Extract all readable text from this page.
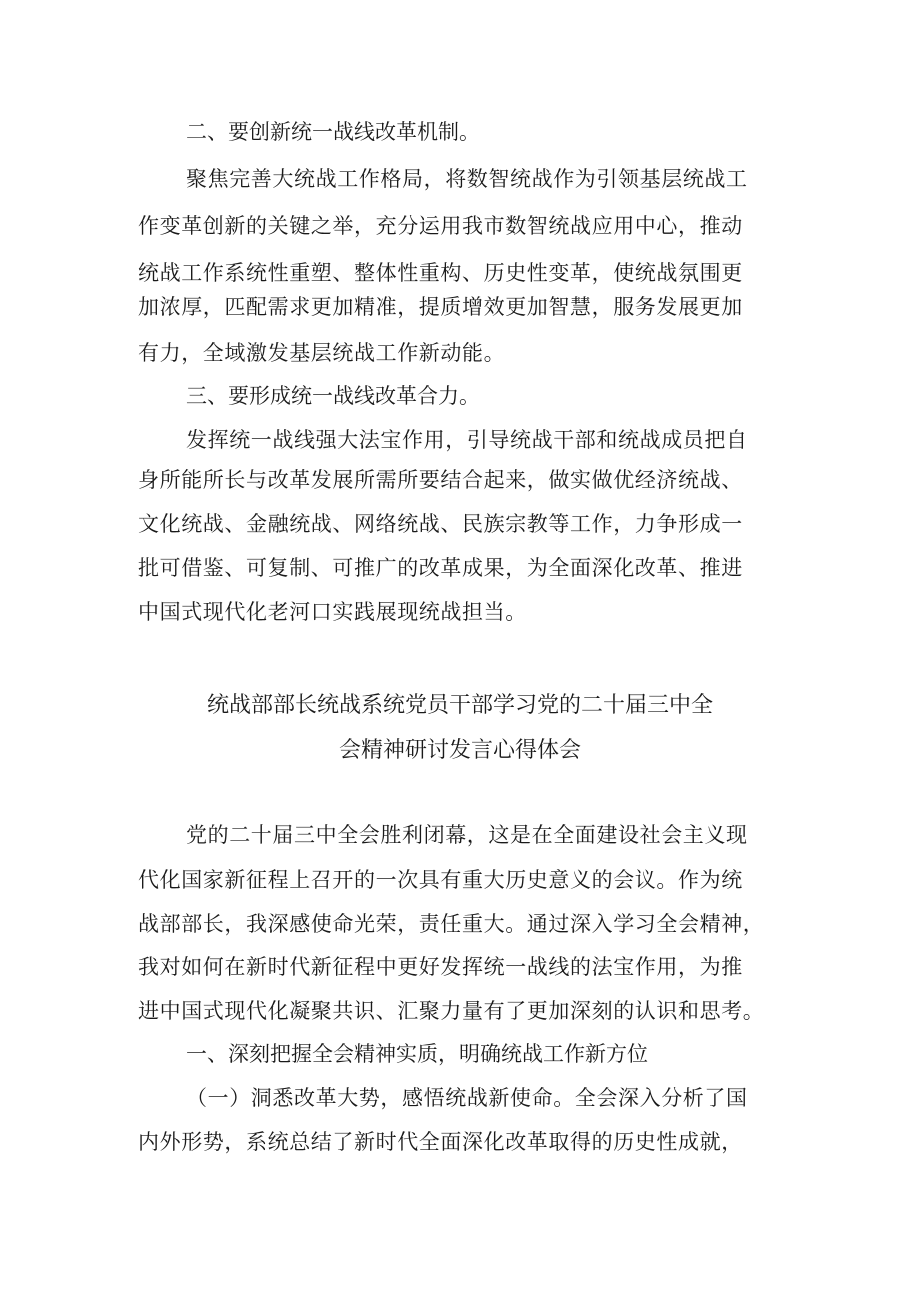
二、要创新统一战线改革机制。
聚焦完善大统战工作格局，将数智统战作为引领基层统战工
作变革创新的关键之举，充分运用我市数智统战应用中心，推动
统战工作系统性重塑、整体性重构、历史性变革，使统战氛围更
加浓厚，匹配需求更加精准，提质增效更加智慧，服务发展更加
有力，全域激发基层统战工作新动能。
三、要形成统一战线改革合力。
发挥统一战线强大法宝作用，引导统战干部和统战成员把自
身所能所长与改革发展所需所要结合起来，做实做优经济统战、
文化统战、金融统战、网络统战、民族宗教等工作，力争形成一
批可借鉴、可复制、可推广的改革成果，为全面深化改革、推进
中国式现代化老河口实践展现统战担当。
统战部部长统战系统党员干部学习党的二十届三中全
会精神研讨发言心得体会
党的二十届三中全会胜利闭幕，这是在全面建设社会主义现
代化国家新征程上召开的一次具有重大历史意义的会议。作为统
战部部长，我深感使命光荣，责任重大。通过深入学习全会精神，
我对如何在新时代新征程中更好发挥统一战线的法宝作用，为推
进中国式现代化凝聚共识、汇聚力量有了更加深刻的认识和思考。
一、深刻把握全会精神实质，明确统战工作新方位
（一）洞悉改革大势，感悟统战新使命。全会深入分析了国
内外形势，系统总结了新时代全面深化改革取得的历史性成就，
